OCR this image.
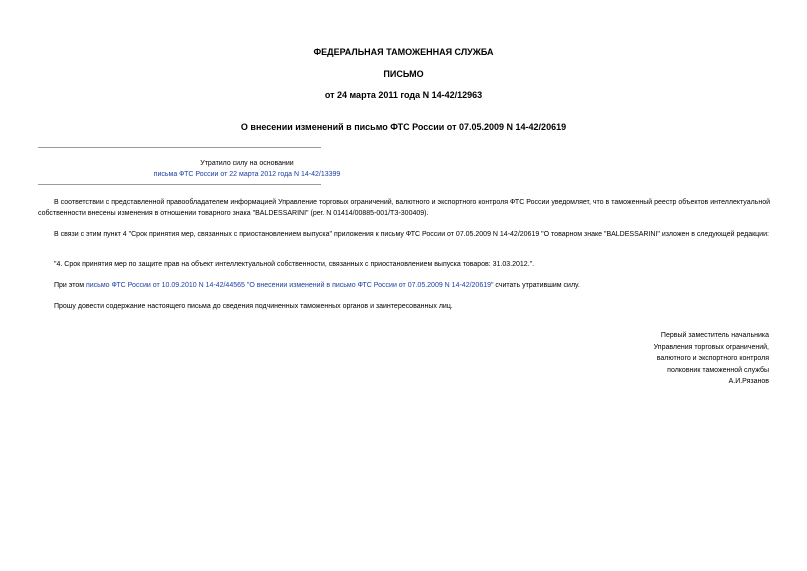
ФЕДЕРАЛЬНАЯ ТАМОЖЕННАЯ СЛУЖБА
ПИСЬМО
от 24 марта 2011 года N 14-42/12963
О внесении изменений в письмо ФТС России от 07.05.2009 N 14-42/20619
Утратило силу на основании
письма ФТС России от 22 марта 2012 года N 14-42/13399
В соответствии с представленной правообладателем информацией Управление торговых ограничений, валютного и экспортного контроля ФТС России уведомляет, что в таможенный реестр объектов интеллектуальной собственности внесены изменения в отношении товарного знака "BALDESSARINI" (рег. N 01414/00885-001/ТЗ-300409).
В связи с этим пункт 4 "Срок принятия мер, связанных с приостановлением выпуска" приложения к письму ФТС России от 07.05.2009 N 14-42/20619 "О товарном знаке "BALDESSARINI" изложен в следующей редакции:
"4. Срок принятия мер по защите прав на объект интеллектуальной собственности, связанных с приостановлением выпуска товаров: 31.03.2012.".
При этом письмо ФТС России от 10.09.2010 N 14-42/44565 "О внесении изменений в письмо ФТС России от 07.05.2009 N 14-42/20619" считать утратившим силу.
Прошу довести содержание настоящего письма до сведения подчиненных таможенных органов и заинтересованных лиц.
Первый заместитель начальника
Управления торговых ограничений,
валютного и экспортного контроля
полковник таможенной службы
А.И.Рязанов
